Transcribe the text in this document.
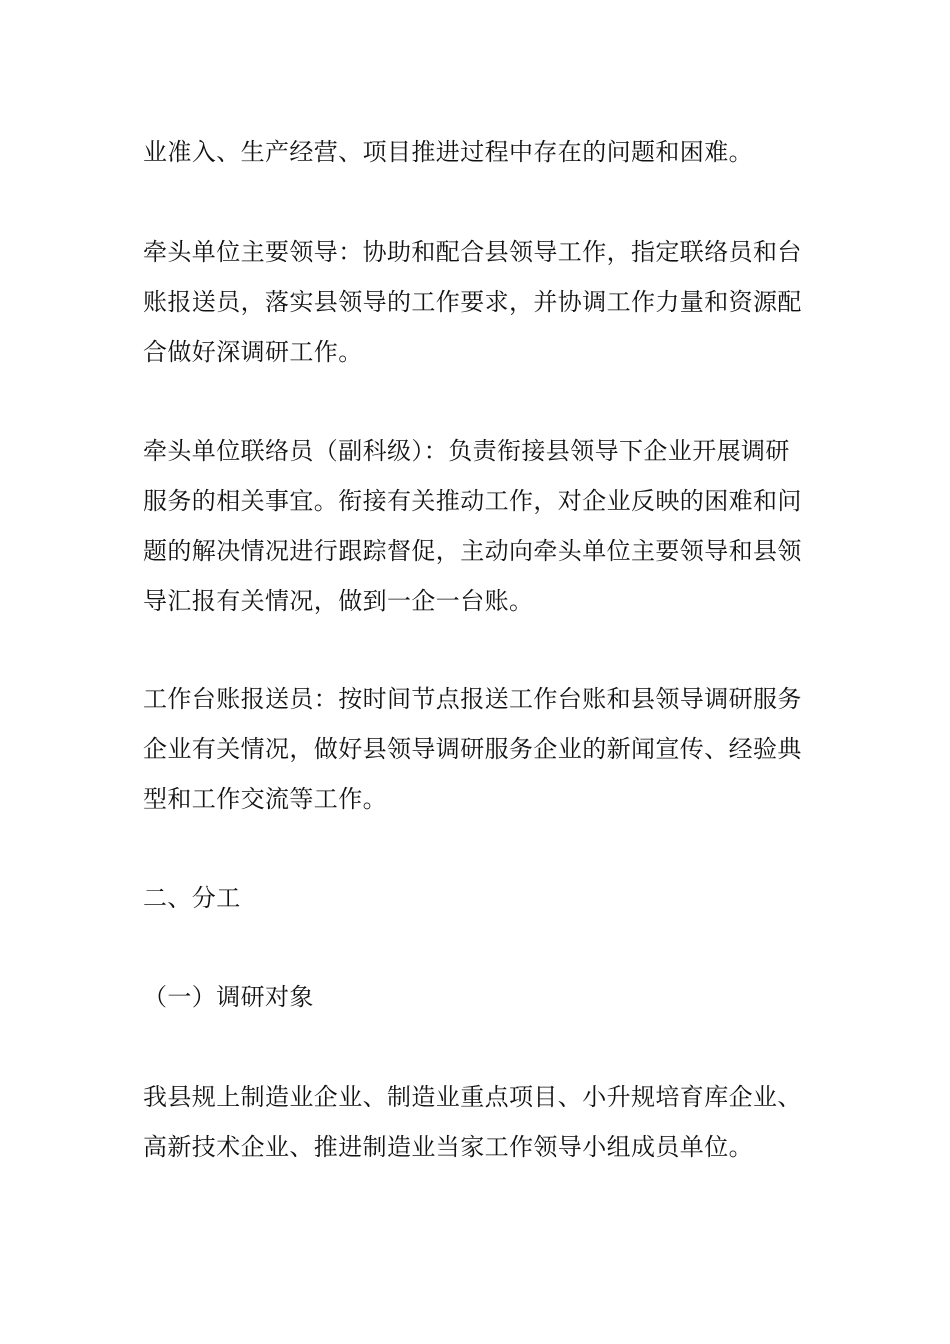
业准入、生产经营、项目推进过程中存在的问题和困难。

牵头单位主要领导：协助和配合县领导工作，指定联络员和台

账报送员，落实县领导的工作要求，并协调工作力量和资源配

合做好深调研工作。

牵头单位联络员（副科级）：负责衔接县领导下企业开展调研

服务的相关事宜。衔接有关推动工作，对企业反映的困难和问

题的解决情况进行跟踪督促，主动向牵头单位主要领导和县领

导汇报有关情况，做到一企一台账。

工作台账报送员：按时间节点报送工作台账和县领导调研服务

企业有关情况，做好县领导调研服务企业的新闻宣传、经验典

型和工作交流等工作。

二、分工

（一）调研对象

我县规上制造业企业、制造业重点项目、小升规培育库企业、

高新技术企业、推进制造业当家工作领导小组成员单位。
